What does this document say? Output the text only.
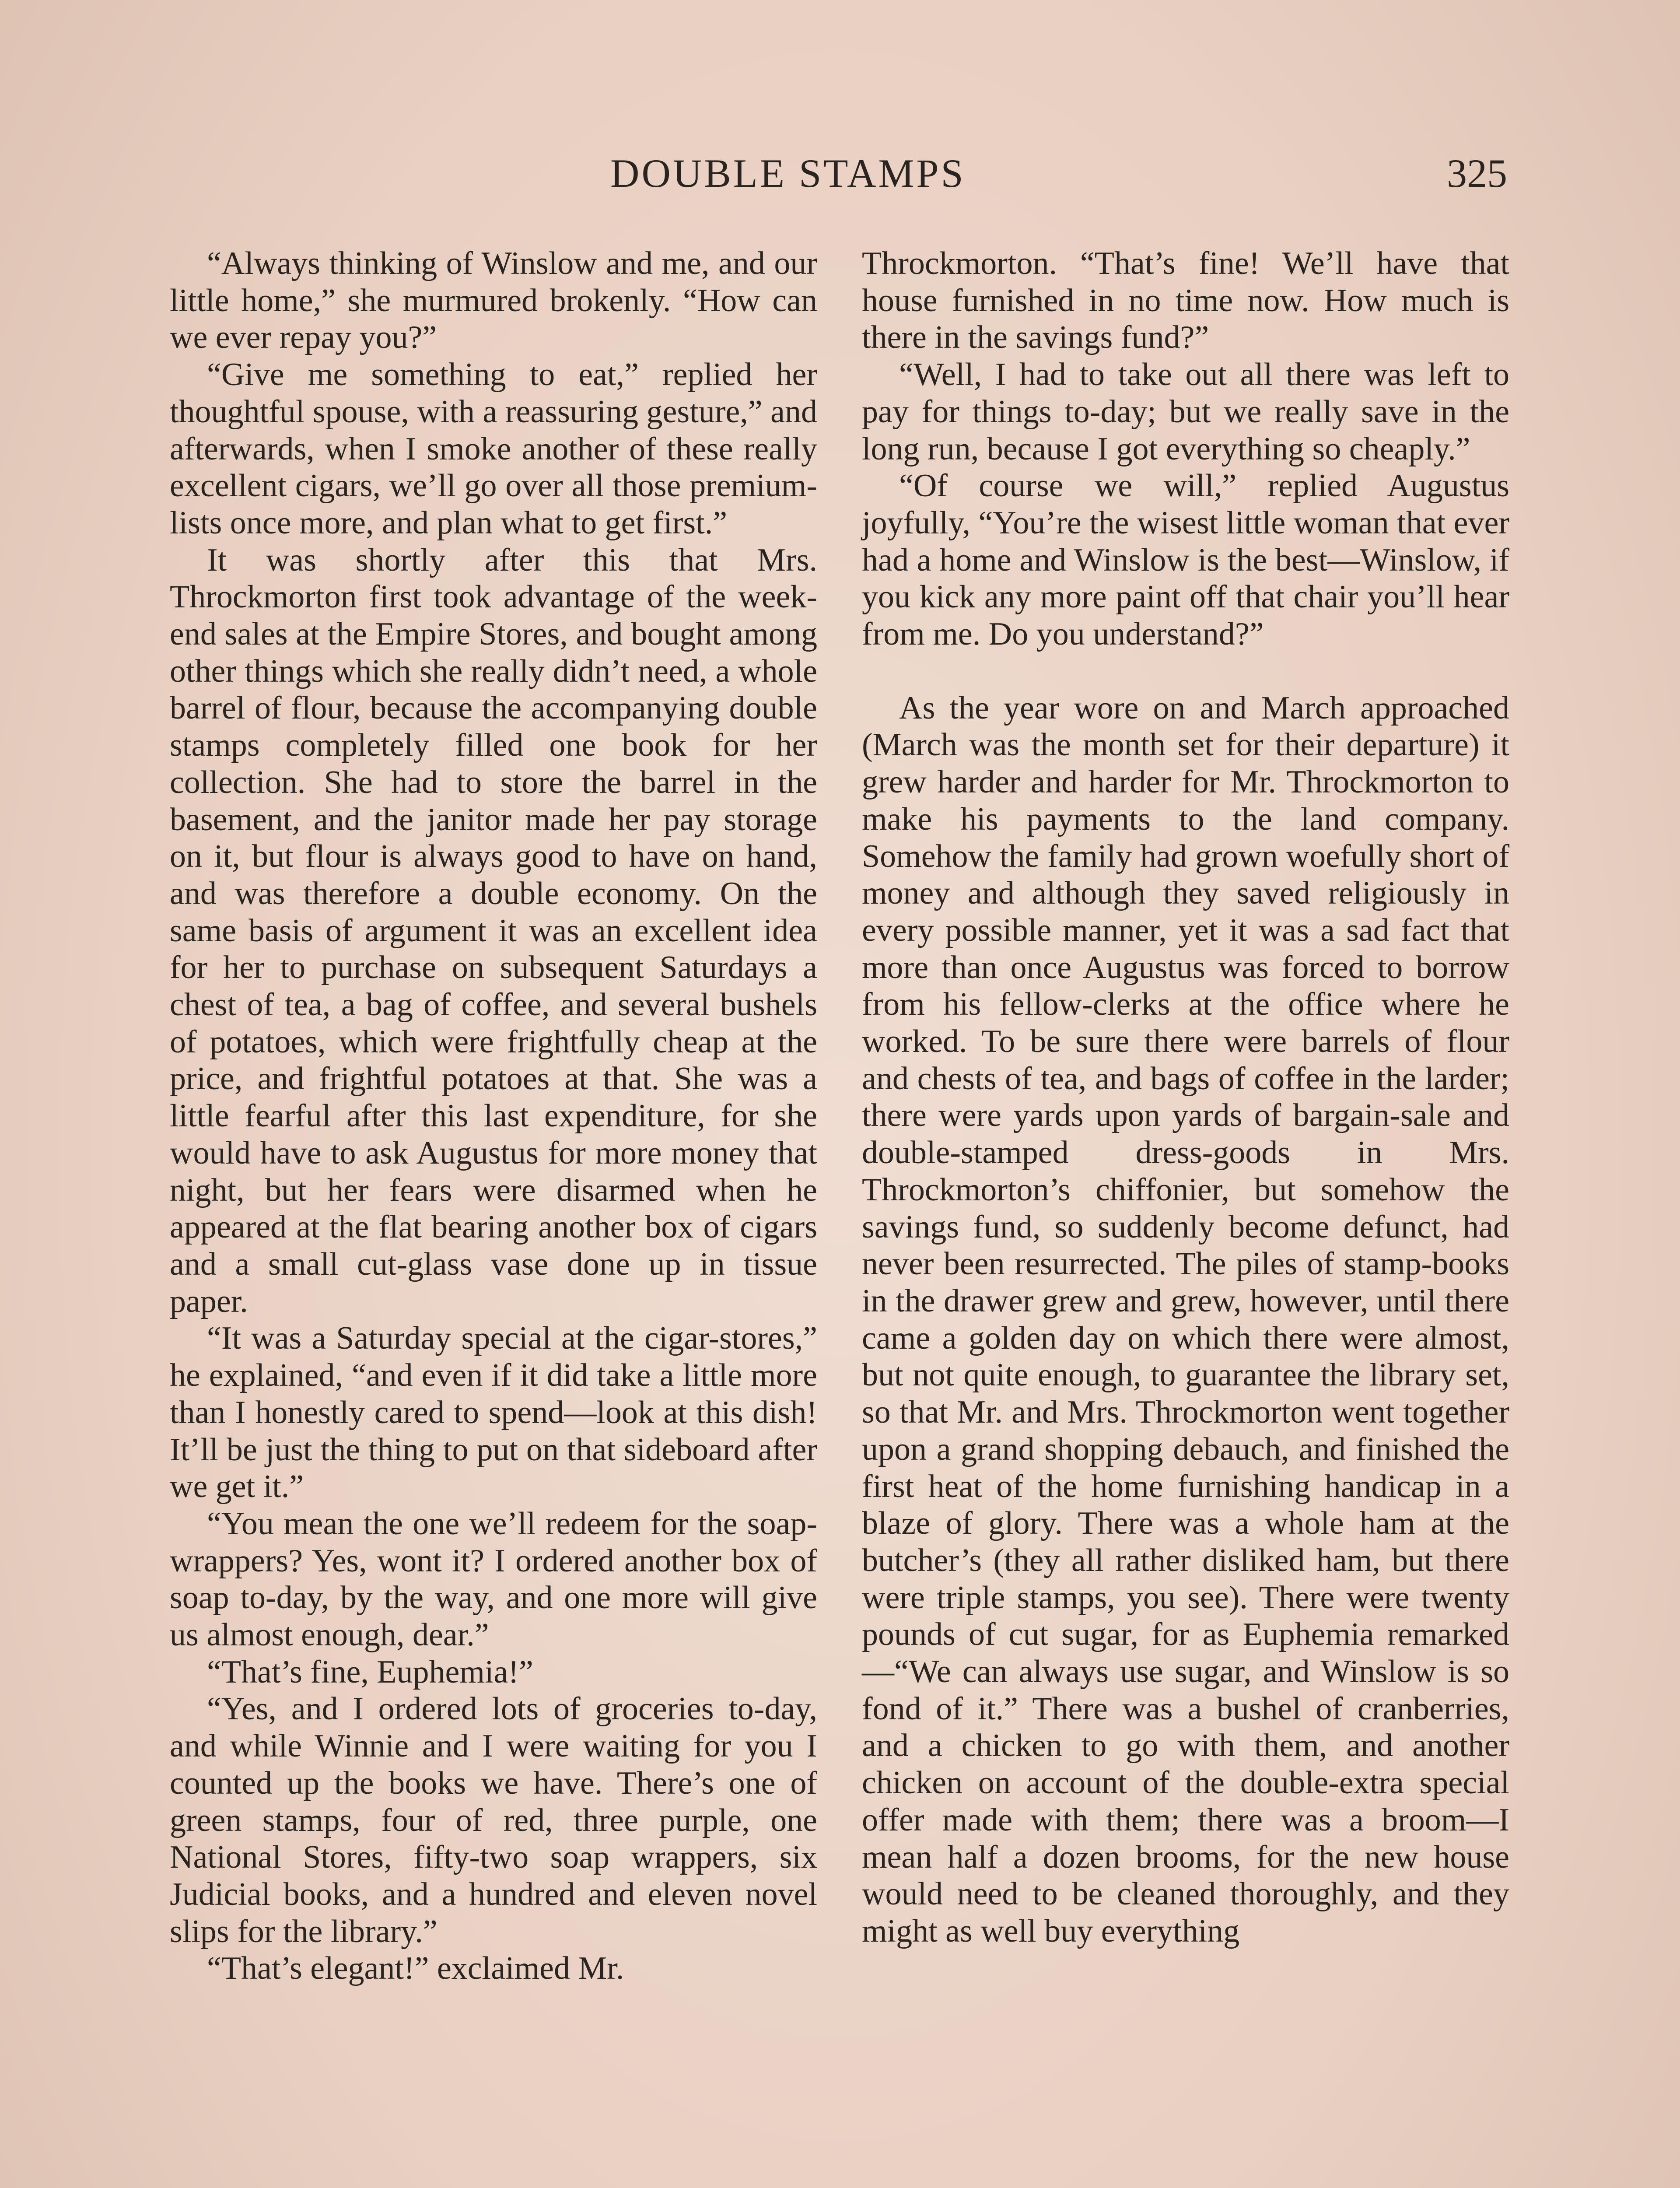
DOUBLE STAMPS	325

“Always thinking of Winslow and me, and our little home,” she murmured brokenly. “How can we ever repay you?”

“Give me something to eat,” replied her thoughtful spouse, with a reassuring gesture,” and afterwards, when I smoke another of these really excellent cigars, we’ll go over all those premium-lists once more, and plan what to get first.”

It was shortly after this that Mrs. Throckmorton first took advantage of the week-end sales at the Empire Stores, and bought among other things which she really didn’t need, a whole barrel of flour, because the accompanying double stamps completely filled one book for her collection. She had to store the barrel in the basement, and the janitor made her pay storage on it, but flour is always good to have on hand, and was therefore a double economy. On the same basis of argument it was an excellent idea for her to purchase on subsequent Saturdays a chest of tea, a bag of coffee, and several bushels of potatoes, which were frightfully cheap at the price, and frightful potatoes at that. She was a little fearful after this last expenditure, for she would have to ask Augustus for more money that night, but her fears were disarmed when he appeared at the flat bearing another box of cigars and a small cut-glass vase done up in tissue paper.

“It was a Saturday special at the cigar-stores,” he explained, “and even if it did take a little more than I honestly cared to spend—look at this dish! It’ll be just the thing to put on that sideboard after we get it.”

“You mean the one we’ll redeem for the soap-wrappers? Yes, wont it? I ordered another box of soap to-day, by the way, and one more will give us almost enough, dear.”

“That’s fine, Euphemia!”

“Yes, and I ordered lots of groceries to-day, and while Winnie and I were waiting for you I counted up the books we have. There’s one of green stamps, four of red, three purple, one National Stores, fifty-two soap wrappers, six Judicial books, and a hundred and eleven novel slips for the library.”

“That’s elegant!” exclaimed Mr.

Throckmorton. “That’s fine! We’ll have that house furnished in no time now. How much is there in the savings fund?”

“Well, I had to take out all there was left to pay for things to-day; but we really save in the long run, because I got everything so cheaply.”

“Of course we will,” replied Augustus joyfully, “You’re the wisest little woman that ever had a home and Winslow is the best—Winslow, if you kick any more paint off that chair you’ll hear from me. Do you understand?”

As the year wore on and March approached (March was the month set for their departure) it grew harder and harder for Mr. Throckmorton to make his payments to the land company. Somehow the family had grown woefully short of money and although they saved religiously in every possible manner, yet it was a sad fact that more than once Augustus was forced to borrow from his fellow-clerks at the office where he worked. To be sure there were barrels of flour and chests of tea, and bags of coffee in the larder; there were yards upon yards of bargain-sale and double-stamped dress-goods in Mrs. Throckmorton’s chiffonier, but somehow the savings fund, so suddenly become defunct, had never been resurrected. The piles of stamp-books in the drawer grew and grew, however, until there came a golden day on which there were almost, but not quite enough, to guarantee the library set, so that Mr. and Mrs. Throckmorton went together upon a grand shopping debauch, and finished the first heat of the home furnishing handicap in a blaze of glory. There was a whole ham at the butcher’s (they all rather disliked ham, but there were triple stamps, you see). There were twenty pounds of cut sugar, for as Euphemia remarked—“We can always use sugar, and Winslow is so fond of it.” There was a bushel of cranberries, and a chicken to go with them, and another chicken on account of the double-extra special offer made with them; there was a broom—I mean half a dozen brooms, for the new house would need to be cleaned thoroughly, and they might as well buy everything
